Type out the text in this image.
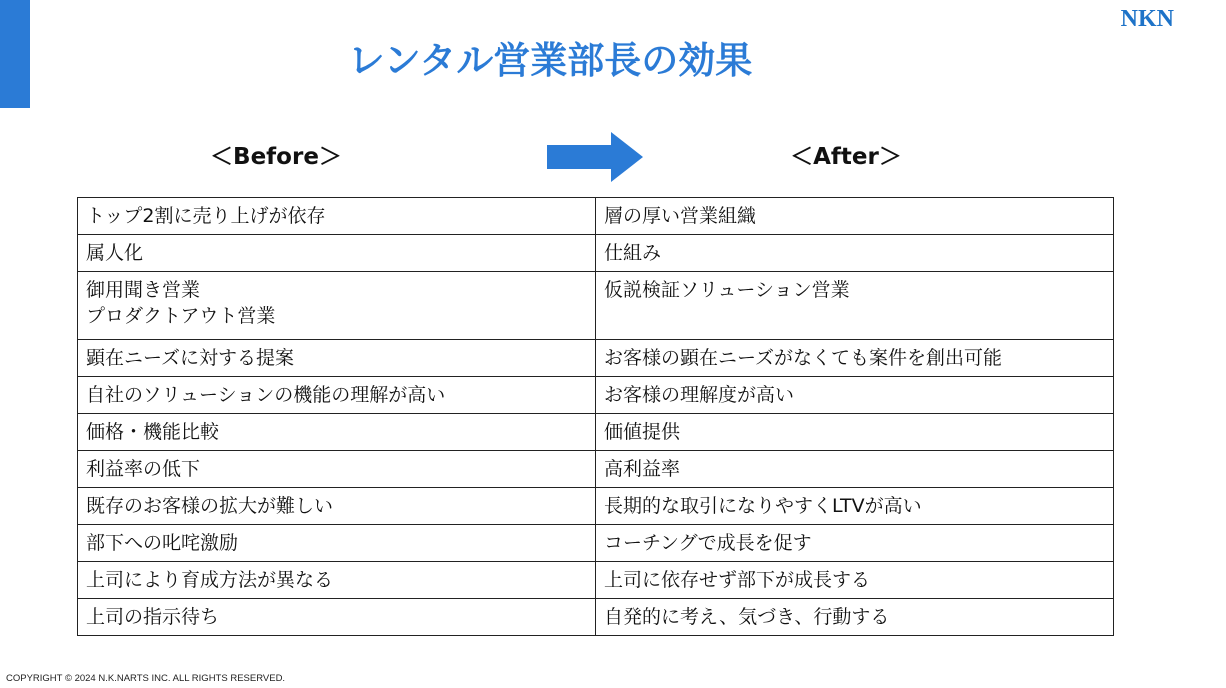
NKN
レンタル営業部長の効果
＜Before＞	＜After＞
トップ2割に売り上げが依存	層の厚い営業組織

属人化	仕組み

御用聞き営業
プロダクトアウト営業	仮説検証ソリューション営業

顕在ニーズに対する提案	お客様の顕在ニーズがなくても案件を創出可能

自社のソリューションの機能の理解が高い	お客様の理解度が高い

価格・機能比較	価値提供

利益率の低下	高利益率

既存のお客様の拡大が難しい	長期的な取引になりやすくLTVが高い

部下への叱咤激励	コーチングで成長を促す

上司により育成方法が異なる	上司に依存せず部下が成長する

上司の指示待ち	自発的に考え、気づき、行動する
COPYRIGHT © 2024 N.K.NARTS INC. ALL RIGHTS RESERVED.
